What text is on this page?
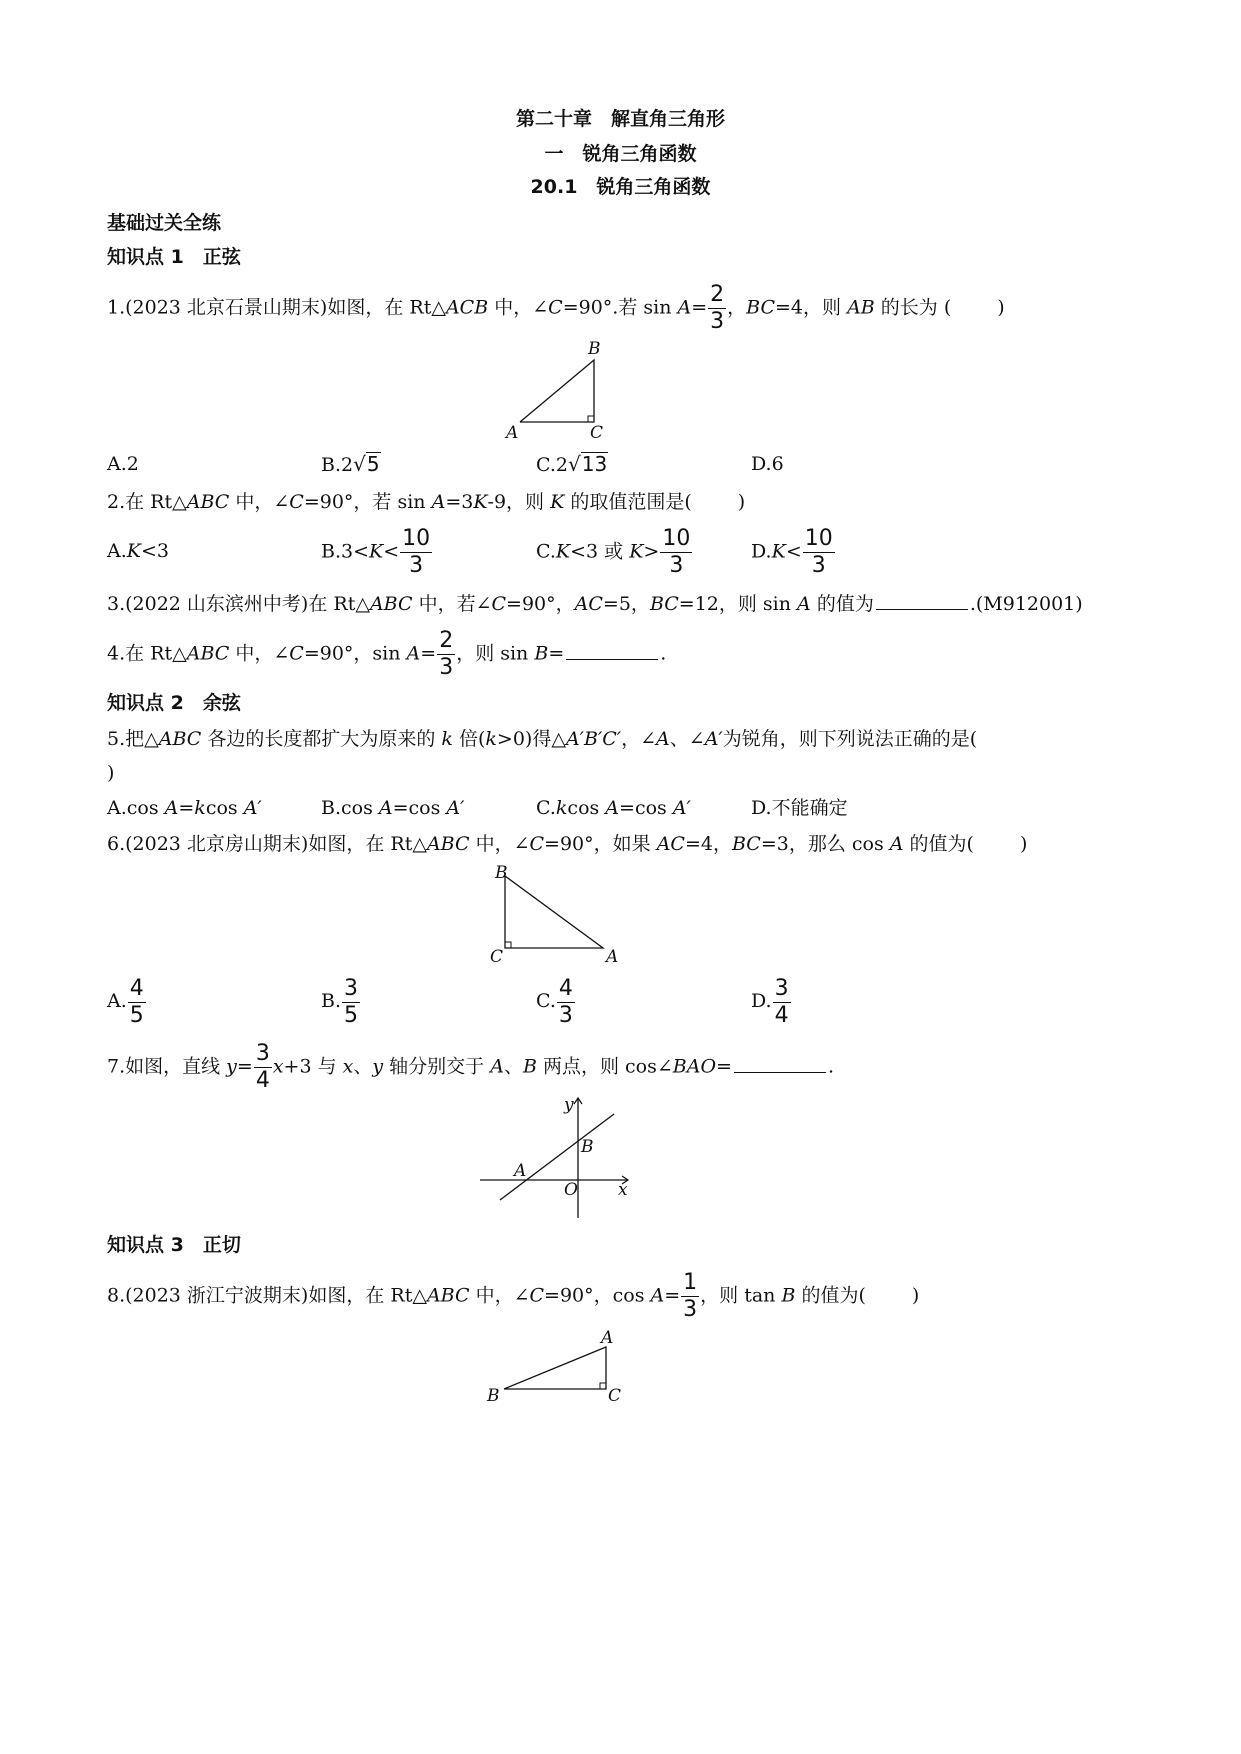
第二十章　解直角三角形
一　锐角三角函数
20.1　锐角三角函数
基础过关全练
知识点 1　正弦
1.(2023 北京石景山期末)如图，在 Rt△ACB 中，∠C=90°.若 $\sin A= \frac{2}{3}$ ，BC=4，则 AB 的长为 ( )
B
A	C
A.2	B.2√5	C.2√13	D.6
2.在 Rt△ABC 中，∠C=90°，若 sin A=3K-9，则 K 的取值范围是( )
A.K<3	$B.3<K< \frac{10}{3}$	C.K<3 或 $K> \frac{10}{3}$	$D.K< \frac{10}{3}$
3.(2022 山东滨州中考)在 Rt△ABC 中，若∠C=90°，AC=5，BC=12，则 sin A 的值为	.(M912001)
4.在 Rt△ABC 中，∠C=90°，$\sin A= \frac{2}{3}$ ，则 sin B=	.
知识点 2　余弦
5.把△ABC 各边的长度都扩大为原来的 k 倍(k>0)得△A′B′C′，∠A、∠A′为锐角，则下列说法正确的是(
)
A.cos A=kcos A′	B.cos A=cos A′	C.kcos A=cos A′	D.不能确定
6.(2023 北京房山期末)如图，在 Rt△ABC 中，∠C=90°，如果 AC=4，BC=3，那么 cos A 的值为( )
B
C	A
A. $\frac{4}{5}$	B. $\frac{3}{5}$	C. $\frac{4}{3}$	D. $\frac{3}{4}$
7.如图，直线 $y= \frac{3}{4} x+3$ 与 x、y 轴分别交于 A、B 两点，则 cos∠BAO=	.
y
x
O
A
B
知识点 3　正切
8.(2023 浙江宁波期末)如图，在 Rt△ABC 中，∠C=90°，$\cos A= \frac{1}{3}$ ，则 tan B 的值为( )
A
B	C
